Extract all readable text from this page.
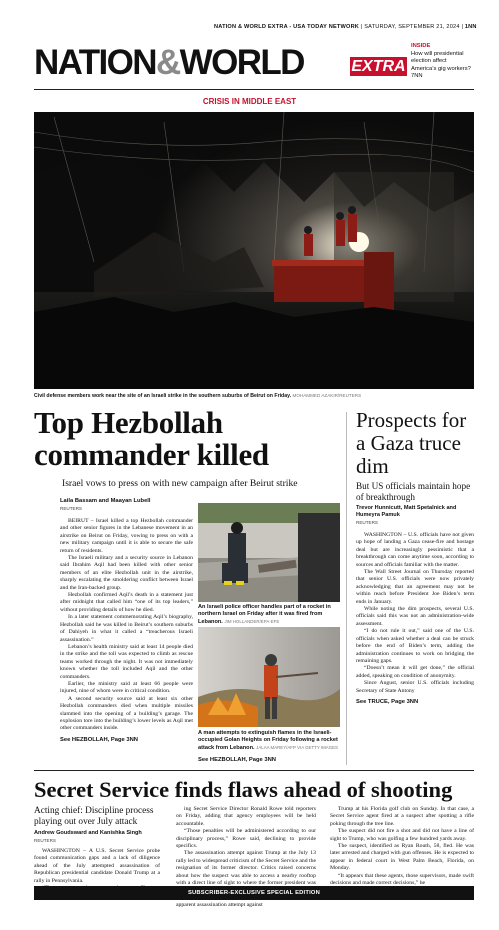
NATION & WORLD EXTRA - USA TODAY NETWORK | SATURDAY, SEPTEMBER 21, 2024 | 1NN
NATION&WORLD	EXTRA
INSIDE
How will presidential election affect America’s gig workers? 7NN
CRISIS IN MIDDLE EAST
Civil defense members work near the site of an Israeli strike in the southern suburbs of Beirut on Friday. MOHAMMED AZAKIR/REUTERS
Top Hezbollah commander killed
Israel vows to press on with new campaign after Beirut strike
Laila Bassam and Maayan Lubell
REUTERS

BEIRUT – Israel killed a top Hezbollah commander and other senior figures in the Lebanese movement in an airstrike on Beirut on Friday, vowing to press on with a new military campaign until it is able to secure the safe return of residents.

The Israeli military and a security source in Lebanon said Ibrahim Aqil had been killed with other senior members of an elite Hezbollah unit in the airstrike, sharply escalating the smoldering conflict between Israel and the Iran-backed group.

Hezbollah confirmed Aqil’s death in a statement just after midnight that called him “one of its top leaders,” without providing details of how he died.

In a later statement commemorating Aqil’s biography, Hezbollah said he was killed in Beirut’s southern suburbs of Dahiyeh in what it called a “treacherous Israeli assassination.”

Lebanon’s health ministry said at least 14 people died in the strike and the toll was expected to climb as rescue teams worked through the night. It was not immediately known whether the toll included Aqil and the other commanders.

Earlier, the ministry said at least 66 people were injured, nine of whom were in critical condition.

A second security source said at least six other Hezbollah commanders died when multiple missiles slammed into the opening of a building’s garage. The explosion tore into the building’s lower levels as Aqil met other commanders inside.

See HEZBOLLAH, Page 3NN
An Israeli police officer handles part of a rocket in northern Israel on Friday after it was fired from Lebanon. JIM HOLLANDER/EPA-EFE
A man attempts to extinguish flames in the Israeli-occupied Golan Heights on Friday following a rocket attack from Lebanon. JALAA MAREY/AFP VIA GETTY IMAGES
See HEZBOLLAH, Page 3NN
Prospects for a Gaza truce dim
But US officials maintain hope of breakthrough
Trevor Hunnicutt, Matt Spetalnick and Humeyra Pamuk
REUTERS

WASHINGTON – U.S. officials have not given up hope of landing a Gaza cease-fire and hostage deal but are increasingly pessimistic that a breakthrough can come anytime soon, according to sources and officials familiar with the matter.

The Wall Street Journal on Thursday reported that senior U.S. officials were now privately acknowledging that an agreement may not be within reach before President Joe Biden’s term ends in January.

While noting the dim prospects, several U.S. officials said this was not an administration-wide assessment.

“I do not rule it out,” said one of the U.S. officials when asked whether a deal can be struck before the end of Biden’s term, adding the administration continues to work on bridging the remaining gaps.

“Doesn’t mean it will get done,” the official added, speaking on condition of anonymity.

Since August, senior U.S. officials including Secretary of State Antony

See TRUCE, Page 3NN
Secret Service finds flaws ahead of shooting
Acting chief: Discipline process playing out over July attack
Andrew Goudsward and Kanishka Singh
REUTERS

WASHINGTON – A U.S. Secret Service probe found communication gaps and a lack of diligence ahead of the July attempted assassination of Republican presidential candidate Donald Trump at a rally in Pennsylvania.

ing Secret Service Director Ronald Rowe told reporters on Friday, adding that agency employees will be held accountable.

“Those penalties will be administered according to our disciplinary process,” Rowe said, declining to provide specifics.

The assassination attempt against Trump at the July 13 rally led to widespread criticism of the Secret Service and the resignation of its former director. Critics raised concerns about how the suspect was able to access a nearby rooftop with a direct line of sight to where the former president was

apparent assassination attempt against

Trump at his Florida golf club on Sunday. In that case, a Secret Service agent fired at a suspect after spotting a rifle poking through the tree line.

The suspect did not fire a shot and did not have a line of sight to Trump, who was golfing a few hundred yards away.

The suspect, identified as Ryan Routh, 58, fled. He was later arrested and charged with gun offenses. He is expected to appear in federal court in West Palm Beach, Florida, on Monday.

“It appears that these agents, those supervisors, made swift decisions and made correct decisions,” he

SUBSCRIBER-EXCLUSIVE SPECIAL EDITION
